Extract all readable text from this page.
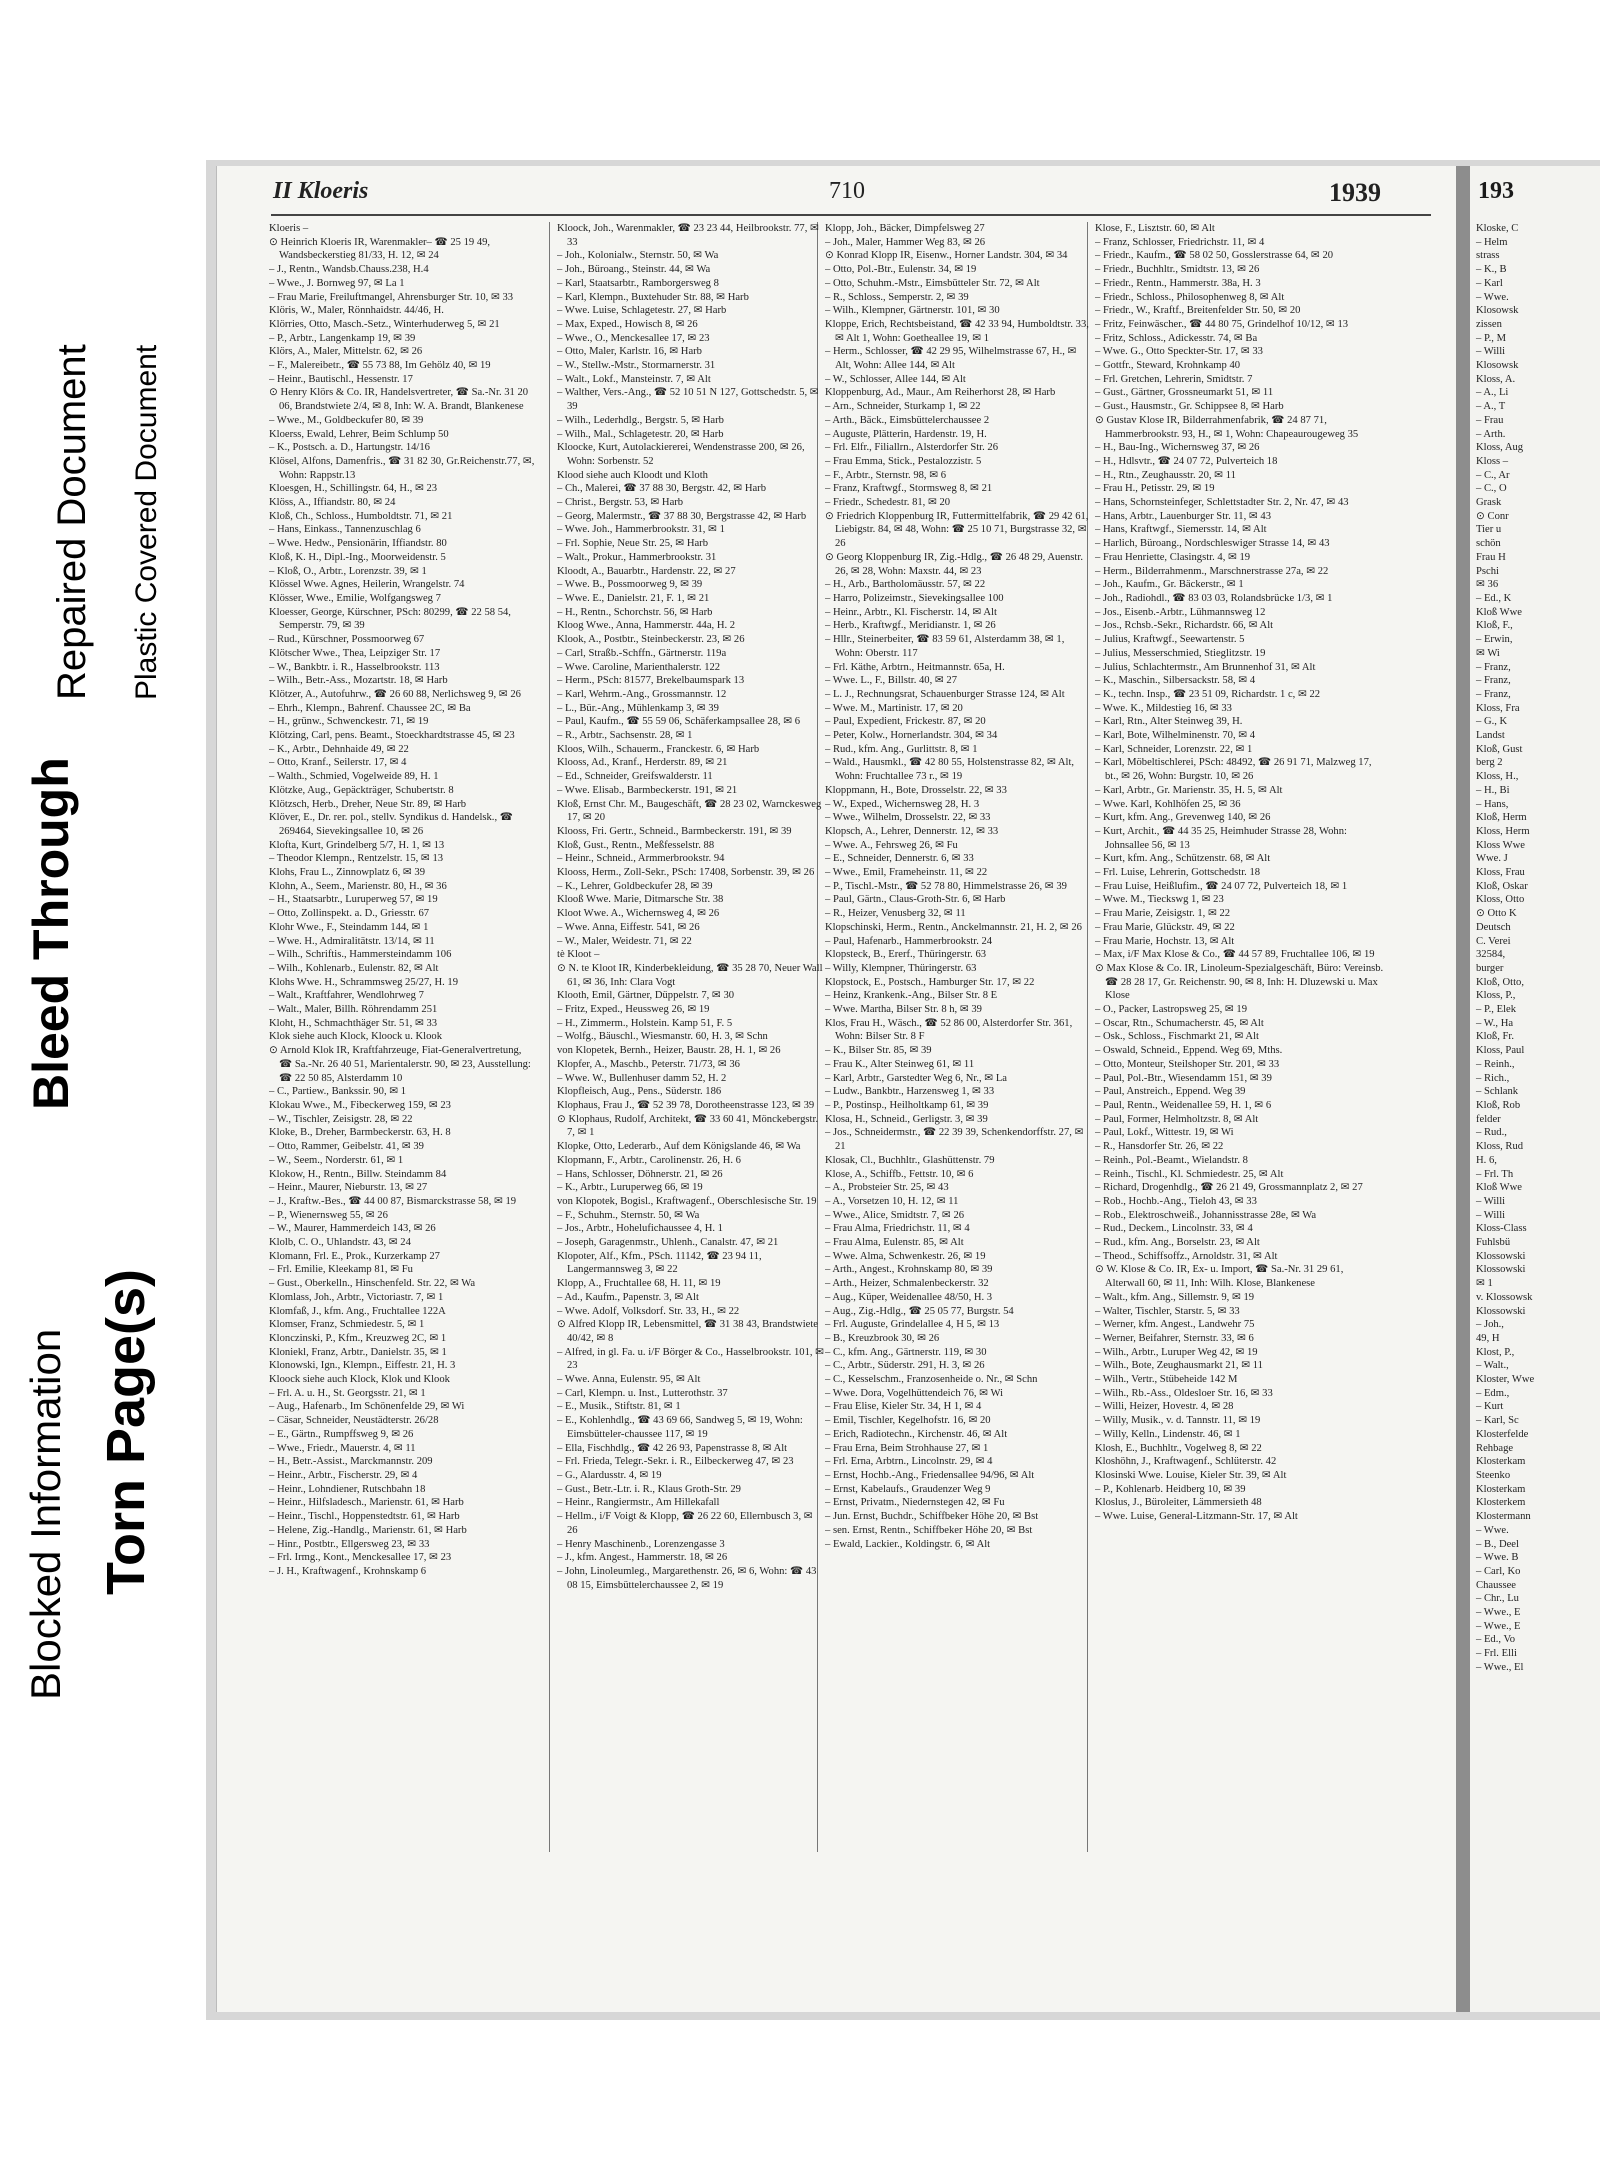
Bleed Through
Blocked Information
Repaired Document
Torn Page(s)
Plastic Covered Document
II Kloeris	710	1939

Kloeris –

⊙ Heinrich Kloeris IR, Warenmakler– ☎ 25 19 49, Wandsbeckerstieg 81/33, H. 12, ✉ 24

– J., Rentn., Wandsb.Chauss.238, H.4

– Wwe., J. Bornweg 97, ✉ La 1

– Frau Marie, Freiluftmangel, Ahrensburger Str. 10, ✉ 33

Klöris, W., Maler, Rönnhaidstr. 44/46, H.

Klörries, Otto, Masch.-Setz., Winterhuderweg 5, ✉ 21

– P., Arbtr., Langenkamp 19, ✉ 39

Klörs, A., Maler, Mittelstr. 62, ✉ 26

– F., Malereibetr., ☎ 55 73 88, Im Gehölz 40, ✉ 19

– Heinr., Bautischl., Hessenstr. 17

⊙ Henry Klörs & Co. IR, Handelsvertreter, ☎ Sa.-Nr. 31 20 06, Brandstwiete 2/4, ✉ 8, Inh: W. A. Brandt, Blankenese

– Wwe., M., Goldbeckufer 80, ✉ 39

Kloerss, Ewald, Lehrer, Beim Schlump 50

– K., Postsch. a. D., Hartungstr. 14/16

Klösel, Alfons, Damenfris., ☎ 31 82 30, Gr.Reichenstr.77, ✉, Wohn: Rappstr.13

Kloesgen, H., Schillingstr. 64, H., ✉ 23

Klöss, A., Iffiandstr. 80, ✉ 24

Kloß, Ch., Schloss., Humboldtstr. 71, ✉ 21

– Hans, Einkass., Tannenzuschlag 6

– Wwe. Hedw., Pensionärin, Iffiandstr. 80

Kloß, K. H., Dipl.-Ing., Moorweidenstr. 5

– Kloß, O., Arbtr., Lorenzstr. 39, ✉ 1

Klössel Wwe. Agnes, Heilerin, Wrangelstr. 74

Klösser, Wwe., Emilie, Wolfgangsweg 7

Kloesser, George, Kürschner, PSch: 80299, ☎ 22 58 54, Semperstr. 79, ✉ 39

– Rud., Kürschner, Possmoorweg 67

Klötscher Wwe., Thea, Leipziger Str. 17

– W., Bankbtr. i. R., Hasselbrookstr. 113

– Wilh., Betr.-Ass., Mozartstr. 18, ✉ Harb

Klötzer, A., Autofuhrw., ☎ 26 60 88, Nerlichsweg 9, ✉ 26

– Ehrh., Klempn., Bahrenf. Chaussee 2C, ✉ Ba

– H., grünw., Schwenckestr. 71, ✉ 19

Klötzing, Carl, pens. Beamt., Stoeckhardtstrasse 45, ✉ 23

– K., Arbtr., Dehnhaide 49, ✉ 22

– Otto, Kranf., Seilerstr. 17, ✉ 4

– Walth., Schmied, Vogelweide 89, H. 1

Klötzke, Aug., Gepäckträger, Schubertstr. 8

Klötzsch, Herb., Dreher, Neue Str. 89, ✉ Harb

Klöver, E., Dr. rer. pol., stellv. Syndikus d. Handelsk., ☎ 269464, Sievekingsallee 10, ✉ 26

Klofta, Kurt, Grindelberg 5/7, H. 1, ✉ 13

– Theodor Klempn., Rentzelstr. 15, ✉ 13

Klohs, Frau L., Zinnowplatz 6, ✉ 39

Klohn, A., Seem., Marienstr. 80, H., ✉ 36

– H., Staatsarbtr., Luruperweg 57, ✉ 19

– Otto, Zollinspekt. a. D., Griesstr. 67

Klohr Wwe., F., Steindamm 144, ✉ 1

– Wwe. H., Admiralitätstr. 13/14, ✉ 11

– Wilh., Schriftis., Hammersteindamm 106

– Wilh., Kohlenarb., Eulenstr. 82, ✉ Alt

Klohs Wwe. H., Schrammsweg 25/27, H. 19

– Walt., Kraftfahrer, Wendlohrweg 7

– Walt., Maler, Billh. Röhrendamm 251

Kloht, H., Schmachthäger Str. 51, ✉ 33

Klok siehe auch Klock, Kloock u. Klook

⊙ Arnold Klok IR, Kraftfahrzeuge, Fiat-Generalvertretung, ☎ Sa.-Nr. 26 40 51, Marientalerstr. 90, ✉ 23, Ausstellung: ☎ 22 50 85, Alsterdamm 10

– C., Partiew., Bankssir. 90, ✉ 1

Klokau Wwe., M., Fibeckerweg 159, ✉ 23

– W., Tischler, Zeisigstr. 28, ✉ 22

Kloke, B., Dreher, Barmbeckerstr. 63, H. 8

– Otto, Rammer, Geibelstr. 41, ✉ 39

– W., Seem., Norderstr. 61, ✉ 1

Klokow, H., Rentn., Billw. Steindamm 84

– Heinr., Maurer, Nieburstr. 13, ✉ 27

– J., Kraftw.-Bes., ☎ 44 00 87, Bismarckstrasse 58, ✉ 19

– P., Wienernsweg 55, ✉ 26

– W., Maurer, Hammerdeich 143, ✉ 26

Klolb, C. O., Uhlandstr. 43, ✉ 24

Klomann, Frl. E., Prok., Kurzerkamp 27

– Frl. Emilie, Kleekamp 81, ✉ Fu

– Gust., Oberkelln., Hinschenfeld. Str. 22, ✉ Wa

Klomlass, Joh., Arbtr., Victoriastr. 7, ✉ 1

Klomfaß, J., kfm. Ang., Fruchtallee 122A

Klomser, Franz, Schmiedestr. 5, ✉ 1

Klonczinski, P., Kfm., Kreuzweg 2C, ✉ 1

Kloniekl, Franz, Arbtr., Danielstr. 35, ✉ 1

Klonowski, Ign., Klempn., Eiffestr. 21, H. 3

Kloock siehe auch Klock, Klok und Klook

– Frl. A. u. H., St. Georgsstr. 21, ✉ 1

– Aug., Hafenarb., Im Schönenfelde 29, ✉ Wi

– Cäsar, Schneider, Neustädterstr. 26/28

– E., Gärtn., Rumpffsweg 9, ✉ 26

– Wwe., Friedr., Mauerstr. 4, ✉ 11

– H., Betr.-Assist., Marckmannstr. 209

– Heinr., Arbtr., Fischerstr. 29, ✉ 4

– Heinr., Lohndiener, Rutschbahn 18

– Heinr., Hilfsladesch., Marienstr. 61, ✉ Harb

– Heinr., Tischl., Hoppenstedtstr. 61, ✉ Harb

– Helene, Zig.-Handlg., Marienstr. 61, ✉ Harb

– Hinr., Postbtr., Ellgersweg 23, ✉ 33

– Frl. Irmg., Kont., Menckesallee 17, ✉ 23

– J. H., Kraftwagenf., Krohnskamp 6

Kloock, Joh., Warenmakler, ☎ 23 23 44, Heilbrookstr. 77, ✉ 33

– Joh., Kolonialw., Sternstr. 50, ✉ Wa

– Joh., Büroang., Steinstr. 44, ✉ Wa

– Karl, Staatsarbtr., Ramborgersweg 8

– Karl, Klempn., Buxtehuder Str. 88, ✉ Harb

– Wwe. Luise, Schlagetestr. 27, ✉ Harb

– Max, Exped., Howisch 8, ✉ 26

– Wwe., O., Menckesallee 17, ✉ 23

– Otto, Maler, Karlstr. 16, ✉ Harb

– W., Stellw.-Mstr., Stormarnerstr. 31

– Walt., Lokf., Mansteinstr. 7, ✉ Alt

– Walther, Vers.-Ang., ☎ 52 10 51 N 127, Gottschedstr. 5, ✉ 39

– Wilh., Lederhdlg., Bergstr. 5, ✉ Harb

– Wilh., Mal., Schlagetestr. 20, ✉ Harb

Kloocke, Kurt, Autolackiererei, Wendenstrasse 200, ✉ 26, Wohn: Sorbenstr. 52

Klood siehe auch Kloodt und Kloth

– Ch., Malerei, ☎ 37 88 30, Bergstr. 42, ✉ Harb

– Christ., Bergstr. 53, ✉ Harb

– Georg, Malermstr., ☎ 37 88 30, Bergstrasse 42, ✉ Harb

– Wwe. Joh., Hammerbrookstr. 31, ✉ 1

– Frl. Sophie, Neue Str. 25, ✉ Harb

– Walt., Prokur., Hammerbrookstr. 31

Kloodt, A., Bauarbtr., Hardenstr. 22, ✉ 27

– Wwe. B., Possmoorweg 9, ✉ 39

– Wwe. E., Danielstr. 21, F. 1, ✉ 21

– H., Rentn., Schorchstr. 56, ✉ Harb

Kloog Wwe., Anna, Hammerstr. 44a, H. 2

Klook, A., Postbtr., Steinbeckerstr. 23, ✉ 26

– Carl, Straßb.-Schffn., Gärtnerstr. 119a

– Wwe. Caroline, Marienthalerstr. 122

– Herm., PSch: 81577, Brekelbaumspark 13

– Karl, Wehrm.-Ang., Grossmannstr. 12

– L., Bür.-Ang., Mühlenkamp 3, ✉ 39

– Paul, Kaufm., ☎ 55 59 06, Schäferkampsallee 28, ✉ 6

– R., Arbtr., Sachsenstr. 28, ✉ 1

Kloos, Wilh., Schauerm., Franckestr. 6, ✉ Harb

Klooss, Ad., Kranf., Herderstr. 89, ✉ 21

– Ed., Schneider, Greifswalderstr. 11

– Wwe. Elisab., Barmbeckerstr. 191, ✉ 21

Kloß, Ernst Chr. M., Baugeschäft, ☎ 28 23 02, Warnckesweg 17, ✉ 20

Klooss, Fri. Gertr., Schneid., Barmbeckerstr. 191, ✉ 39

Kloß, Gust., Rentn., Meßfesselstr. 88

– Heinr., Schneid., Armmerbrookstr. 94

Klooss, Herm., Zoll-Sekr., PSch: 17408, Sorbenstr. 39, ✉ 26

– K., Lehrer, Goldbeckufer 28, ✉ 39

Klooß Wwe. Marie, Ditmarsche Str. 38

Kloot Wwe. A., Wichernsweg 4, ✉ 26

– Wwe. Anna, Eiffestr. 541, ✉ 26

– W., Maler, Weidestr. 71, ✉ 22

tè Kloot –

⊙ N. te Kloot IR, Kinderbekleidung, ☎ 35 28 70, Neuer Wall 61, ✉ 36, Inh: Clara Vogt

Klooth, Emil, Gärtner, Düppelstr. 7, ✉ 30

– Fritz, Exped., Heussweg 26, ✉ 19

– H., Zimmerm., Holstein. Kamp 51, F. 5

– Wolfg., Bäuschl., Wiesmanstr. 60, H. 3, ✉ Schn

von Klopetek, Bernh., Heizer, Baustr. 28, H. 1, ✉ 26

Klopfer, A., Maschb., Peterstr. 71/73, ✉ 36

– Wwe. W., Bullenhuser damm 52, H. 2

Klopfleisch, Aug., Pens., Süderstr. 186

Klophaus, Frau J., ☎ 52 39 78, Dorotheenstrasse 123, ✉ 39

⊙ Klophaus, Rudolf, Architekt, ☎ 33 60 41, Mönckebergstr. 7, ✉ 1

Klopke, Otto, Lederarb., Auf dem Königslande 46, ✉ Wa

Klopmann, F., Arbtr., Carolinenstr. 26, H. 6

– Hans, Schlosser, Döhnerstr. 21, ✉ 26

– K., Arbtr., Luruperweg 66, ✉ 19

von Klopotek, Bogisl., Kraftwagenf., Oberschlesische Str. 19

– F., Schuhm., Sternstr. 50, ✉ Wa

– Jos., Arbtr., Hohelufichaussee 4, H. 1

– Joseph, Garagenmstr., Uhlenh., Canalstr. 47, ✉ 21

Klopoter, Alf., Kfm., PSch. 11142, ☎ 23 94 11, Langermannsweg 3, ✉ 22

Klopp, A., Fruchtallee 68, H. 11, ✉ 19

– Ad., Kaufm., Papenstr. 3, ✉ Alt

– Wwe. Adolf, Volksdorf. Str. 33, H., ✉ 22

⊙ Alfred Klopp IR, Lebensmittel, ☎ 31 38 43, Brandstwiete 40/42, ✉ 8

– Alfred, in gl. Fa. u. i/F Börger & Co., Hasselbrookstr. 101, ✉ 23

– Wwe. Anna, Eulenstr. 95, ✉ Alt

– Carl, Klempn. u. Inst., Lutterothstr. 37

– E., Musik., Stiftstr. 81, ✉ 1

– E., Kohlenhdlg., ☎ 43 69 66, Sandweg 5, ✉ 19, Wohn: Eimsbütteler-chaussee 117, ✉ 19

– Ella, Fischhdlg., ☎ 42 26 93, Papenstrasse 8, ✉ Alt

– Frl. Frieda, Telegr.-Sekr. i. R., Eilbeckerweg 47, ✉ 23

– G., Alardusstr. 4, ✉ 19

– Gust., Betr.-Ltr. i. R., Klaus Groth-Str. 29

– Heinr., Rangiermstr., Am Hillekafall

– Hellm., i/F Voigt & Klopp, ☎ 26 22 60, Ellernbusch 3, ✉ 26

– Henry Maschinenb., Lorenzengasse 3

– J., kfm. Angest., Hammerstr. 18, ✉ 26

– John, Linoleumleg., Margarethenstr. 26, ✉ 6, Wohn: ☎ 43 08 15, Eimsbüttelerchaussee 2, ✉ 19

Klopp, Joh., Bäcker, Dimpfelsweg 27

– Joh., Maler, Hammer Weg 83, ✉ 26

⊙ Konrad Klopp IR, Eisenw., Horner Landstr. 304, ✉ 34

– Otto, Pol.-Btr., Eulenstr. 34, ✉ 19

– Otto, Schuhm.-Mstr., Eimsbütteler Str. 72, ✉ Alt

– R., Schloss., Semperstr. 2, ✉ 39

– Wilh., Klempner, Gärtnerstr. 101, ✉ 30

Kloppe, Erich, Rechtsbeistand, ☎ 42 33 94, Humboldtstr. 33, ✉ Alt 1, Wohn: Goetheallee 19, ✉ 1

– Herm., Schlosser, ☎ 42 29 95, Wilhelmstrasse 67, H., ✉ Alt, Wohn: Allee 144, ✉ Alt

– W., Schlosser, Allee 144, ✉ Alt

Kloppenburg, Ad., Maur., Am Reiherhorst 28, ✉ Harb

– Arn., Schneider, Sturkamp 1, ✉ 22

– Arth., Bäck., Eimsbüttelerchaussee 2

– Auguste, Plätterin, Hardenstr. 19, H.

– Frl. Elfr., Filiallrn., Alsterdorfer Str. 26

– Frau Emma, Stick., Pestalozzistr. 5

– F., Arbtr., Sternstr. 98, ✉ 6

– Franz, Kraftwgf., Stormsweg 8, ✉ 21

– Friedr., Schedestr. 81, ✉ 20

⊙ Friedrich Kloppenburg IR, Futtermittelfabrik, ☎ 29 42 61, Liebigstr. 84, ✉ 48, Wohn: ☎ 25 10 71, Burgstrasse 32, ✉ 26

⊙ Georg Kloppenburg IR, Zig.-Hdlg., ☎ 26 48 29, Auenstr. 26, ✉ 28, Wohn: Maxstr. 44, ✉ 23

– H., Arb., Bartholomäusstr. 57, ✉ 22

– Harro, Polizeimstr., Sievekingsallee 100

– Heinr., Arbtr., Kl. Fischerstr. 14, ✉ Alt

– Herb., Kraftwgf., Meridianstr. 1, ✉ 26

– Hllr., Steinerbeiter, ☎ 83 59 61, Alsterdamm 38, ✉ 1, Wohn: Oberstr. 117

– Frl. Käthe, Arbtrn., Heitmannstr. 65a, H.

– Wwe. L., F., Billstr. 40, ✉ 27

– L. J., Rechnungsrat, Schauenburger Strasse 124, ✉ Alt

– Wwe. M., Martinistr. 17, ✉ 20

– Paul, Expedient, Frickestr. 87, ✉ 20

– Peter, Kolw., Hornerlandstr. 304, ✉ 34

– Rud., kfm. Ang., Gurlittstr. 8, ✉ 1

– Wald., Hausmkl., ☎ 42 80 55, Holstenstrasse 82, ✉ Alt, Wohn: Fruchtallee 73 r., ✉ 19

Kloppmann, H., Bote, Drosselstr. 22, ✉ 33

– W., Exped., Wichernsweg 28, H. 3

– Wwe., Wilhelm, Drosselstr. 22, ✉ 33

Klopsch, A., Lehrer, Dennerstr. 12, ✉ 33

– Wwe. A., Fehrsweg 26, ✉ Fu

– E., Schneider, Dennerstr. 6, ✉ 33

– Wwe., Emil, Frameheinstr. 11, ✉ 22

– P., Tischl.-Mstr., ☎ 52 78 80, Himmelstrasse 26, ✉ 39

– Paul, Gärtn., Claus-Groth-Str. 6, ✉ Harb

– R., Heizer, Venusberg 32, ✉ 11

Klopschinski, Herm., Rentn., Anckelmannstr. 21, H. 2, ✉ 26

– Paul, Hafenarb., Hammerbrookstr. 24

Klopsteck, B., Ererf., Thüringerstr. 63

– Willy, Klempner, Thüringerstr. 63

Klopstock, E., Postsch., Hamburger Str. 17, ✉ 22

– Heinz, Krankenk.-Ang., Bilser Str. 8 E

– Wwe. Martha, Bilser Str. 8 h, ✉ 39

Klos, Frau H., Wäsch., ☎ 52 86 00, Alsterdorfer Str. 361, Wohn: Bilser Str. 8 F

– K., Bilser Str. 85, ✉ 39

– Frau K., Alter Steinweg 61, ✉ 11

– Karl, Arbtr., Garstedter Weg 6, Nr., ✉ La

– Ludw., Bankbtr., Harzensweg 1, ✉ 33

– P., Postinsp., Heilholtkamp 61, ✉ 39

Klosa, H., Schneid., Gerligstr. 3, ✉ 39

– Jos., Schneidermstr., ☎ 22 39 39, Schenkendorffstr. 27, ✉ 21

Klosak, Cl., Buchhltr., Glashüttenstr. 79

Klose, A., Schiffb., Fettstr. 10, ✉ 6

– A., Probsteier Str. 25, ✉ 43

– A., Vorsetzen 10, H. 12, ✉ 11

– Wwe., Alice, Smidtstr. 7, ✉ 26

– Frau Alma, Friedrichstr. 11, ✉ 4

– Frau Alma, Eulenstr. 85, ✉ Alt

– Wwe. Alma, Schwenkestr. 26, ✉ 19

– Arth., Angest., Krohnskamp 80, ✉ 39

– Arth., Heizer, Schmalenbeckerstr. 32

– Aug., Küper, Weidenallee 48/50, H. 3

– Aug., Zig.-Hdlg., ☎ 25 05 77, Burgstr. 54

– Frl. Auguste, Grindelallee 4, H 5, ✉ 13

– B., Kreuzbrook 30, ✉ 26

– C., kfm. Ang., Gärtnerstr. 119, ✉ 30

– C., Arbtr., Süderstr. 291, H. 3, ✉ 26

– C., Kesselschm., Franzosenheide o. Nr., ✉ Schn

– Wwe. Dora, Vogelhüttendeich 76, ✉ Wi

– Frau Elise, Kieler Str. 34, H 1, ✉ 4

– Emil, Tischler, Kegelhofstr. 16, ✉ 20

– Erich, Radiotechn., Kirchenstr. 46, ✉ Alt

– Frau Erna, Beim Strohhause 27, ✉ 1

– Frl. Erna, Arbtrn., Lincolnstr. 29, ✉ 4

– Ernst, Hochb.-Ang., Friedensallee 94/96, ✉ Alt

– Ernst, Kabelaufs., Graudenzer Weg 9

– Ernst, Privatm., Niedernstegen 42, ✉ Fu

– Jun. Ernst, Buchdr., Schiffbeker Höhe 20, ✉ Bst

– sen. Ernst, Rentn., Schiffbeker Höhe 20, ✉ Bst

– Ewald, Lackier., Koldingstr. 6, ✉ Alt

Klose, F., Lisztstr. 60, ✉ Alt

– Franz, Schlosser, Friedrichstr. 11, ✉ 4

– Friedr., Kaufm., ☎ 58 02 50, Gosslerstrasse 64, ✉ 20

– Friedr., Buchhltr., Smidtstr. 13, ✉ 26

– Friedr., Rentn., Hammerstr. 38a, H. 3

– Friedr., Schloss., Philosophenweg 8, ✉ Alt

– Friedr., W., Kraftf., Breitenfelder Str. 50, ✉ 20

– Fritz, Feinwäscher., ☎ 44 80 75, Grindelhof 10/12, ✉ 13

– Fritz, Schloss., Adickesstr. 74, ✉ Ba

– Wwe. G., Otto Speckter-Str. 17, ✉ 33

– Gottfr., Steward, Krohnkamp 40

– Frl. Gretchen, Lehrerin, Smidtstr. 7

– Gust., Gärtner, Grossneumarkt 51, ✉ 11

– Gust., Hausmstr., Gr. Schippsee 8, ✉ Harb

⊙ Gustav Klose IR, Bilderrahmenfabrik, ☎ 24 87 71, Hammerbrookstr. 93, H., ✉ 1, Wohn: Chapeaurougeweg 35

– H., Bau-Ing., Wichernsweg 37, ✉ 26

– H., Hdlsvtr., ☎ 24 07 72, Pulverteich 18

– H., Rtn., Zeughausstr. 20, ✉ 11

– Frau H., Petisstr. 29, ✉ 19

– Hans, Schornsteinfeger, Schlettstadter Str. 2, Nr. 47, ✉ 43

– Hans, Arbtr., Lauenburger Str. 11, ✉ 43

– Hans, Kraftwgf., Siemersstr. 14, ✉ Alt

– Harlich, Büroang., Nordschleswiger Strasse 14, ✉ 43

– Frau Henriette, Clasingstr. 4, ✉ 19

– Herm., Bilderrahmenm., Marschnerstrasse 27a, ✉ 22

– Joh., Kaufm., Gr. Bäckerstr., ✉ 1

– Joh., Radiohdl., ☎ 83 03 03, Rolandsbrücke 1/3, ✉ 1

– Jos., Eisenb.-Arbtr., Lühmannsweg 12

– Jos., Rchsb.-Sekr., Richardstr. 66, ✉ Alt

– Julius, Kraftwgf., Seewartenstr. 5

– Julius, Messerschmied, Stieglitzstr. 19

– Julius, Schlachtermstr., Am Brunnenhof 31, ✉ Alt

– K., Maschin., Silbersackstr. 58, ✉ 4

– K., techn. Insp., ☎ 23 51 09, Richardstr. 1 c, ✉ 22

– Wwe. K., Mildestieg 16, ✉ 33

– Karl, Rtn., Alter Steinweg 39, H.

– Karl, Bote, Wilhelminenstr. 70, ✉ 4

– Karl, Schneider, Lorenzstr. 22, ✉ 1

– Karl, Möbeltischlerei, PSch: 48492, ☎ 26 91 71, Malzweg 17, bt., ✉ 26, Wohn: Burgstr. 10, ✉ 26

– Karl, Arbtr., Gr. Marienstr. 35, H. 5, ✉ Alt

– Wwe. Karl, Kohlhöfen 25, ✉ 36

– Kurt, kfm. Ang., Grevenweg 140, ✉ 26

– Kurt, Archit., ☎ 44 35 25, Heimhuder Strasse 28, Wohn: Johnsallee 56, ✉ 13

– Kurt, kfm. Ang., Schützenstr. 68, ✉ Alt

– Frl. Luise, Lehrerin, Gottschedstr. 18

– Frau Luise, Heißlufim., ☎ 24 07 72, Pulverteich 18, ✉ 1

– Wwe. M., Tieckswg 1, ✉ 23

– Frau Marie, Zeisigstr. 1, ✉ 22

– Frau Marie, Glückstr. 49, ✉ 22

– Frau Marie, Hochstr. 13, ✉ Alt

– Max, i/F Max Klose & Co., ☎ 44 57 89, Fruchtallee 106, ✉ 19

⊙ Max Klose & Co. IR, Linoleum-Spezialgeschäft, Büro: Vereinsb. ☎ 28 28 17, Gr. Reichenstr. 90, ✉ 8, Inh: H. Dluzewski u. Max Klose

– O., Packer, Lastropsweg 25, ✉ 19

– Oscar, Rtn., Schumacherstr. 45, ✉ Alt

– Osk., Schloss., Fischmarkt 21, ✉ Alt

– Oswald, Schneid., Eppend. Weg 69, Mths.

– Otto, Monteur, Steilshoper Str. 201, ✉ 33

– Paul, Pol.-Btr., Wiesendamm 151, ✉ 39

– Paul, Anstreich., Eppend. Weg 39

– Paul, Rentn., Weidenallee 59, H. 1, ✉ 6

– Paul, Former, Helmholtzstr. 8, ✉ Alt

– Paul, Lokf., Wittestr. 19, ✉ Wi

– R., Hansdorfer Str. 26, ✉ 22

– Reinh., Pol.-Beamt., Wielandstr. 8

– Reinh., Tischl., Kl. Schmiedestr. 25, ✉ Alt

– Richard, Drogenhdlg., ☎ 26 21 49, Grossmannplatz 2, ✉ 27

– Rob., Hochb.-Ang., Tieloh 43, ✉ 33

– Rob., Elektroschweiß., Johannisstrasse 28e, ✉ Wa

– Rud., Deckem., Lincolnstr. 33, ✉ 4

– Rud., kfm. Ang., Borselstr. 23, ✉ Alt

– Theod., Schiffsoffz., Arnoldstr. 31, ✉ Alt

⊙ W. Klose & Co. IR, Ex- u. Import, ☎ Sa.-Nr. 31 29 61, Alterwall 60, ✉ 11, Inh: Wilh. Klose, Blankenese

– Walt., kfm. Ang., Sillemstr. 9, ✉ 19

– Walter, Tischler, Starstr. 5, ✉ 33

– Werner, kfm. Angest., Landwehr 75

– Werner, Beifahrer, Sternstr. 33, ✉ 6

– Wilh., Arbtr., Luruper Weg 42, ✉ 19

– Wilh., Bote, Zeughausmarkt 21, ✉ 11

– Wilh., Vertr., Stübeheide 142 M

– Wilh., Rb.-Ass., Oldesloer Str. 16, ✉ 33

– Willi, Heizer, Hovestr. 4, ✉ 28

– Willy, Musik., v. d. Tannstr. 11, ✉ 19

– Willy, Kelln., Lindenstr. 46, ✉ 1

Klosh, E., Buchhltr., Vogelweg 8, ✉ 22

Kloshöhn, J., Kraftwagenf., Schlüterstr. 42

Klosinski Wwe. Louise, Kieler Str. 39, ✉ Alt

– P., Kohlenarb. Heidberg 10, ✉ 39

Kloslus, J., Büroleiter, Lämmersieth 48

– Wwe. Luise, General-Litzmann-Str. 17, ✉ Alt

193
Kloske, C
– Helm
strass
– K., B
– Karl
– Wwe.
Klosowsk
zissen
– P., M
– Willi
Klosowsk
Kloss, A.
– A., Li
– A., T
– Frau
– Arth.
Kloss, Aug
Kloss –
– C., Ar
– C., O
Grask
⊙ Conr
Tier u
schön
Frau H
Pschi
✉ 36
– Ed., K
Kloß Wwe
Kloß, F.,
– Erwin,
✉ Wi
– Franz,
– Franz,
– Franz,
Kloss, Fra
– G., K
Landst
Kloß, Gust
berg 2
Kloss, H.,
– H., Bi
– Hans,
Kloß, Herm
Kloss, Herm
Kloss Wwe
Wwe. J
Kloss, Frau
Kloß, Oskar
Kloss, Otto
⊙ Otto K
Deutsch
C. Verei
32584,
burger
Kloß, Otto,
Kloss, P.,
– P., Elek
– W., Ha
Kloß, Fr.
Kloss, Paul
– Reinh.,
– Rich.,
– Schlank
Kloß, Rob
felder
– Rud.,
Kloss, Rud
H. 6,
– Frl. Th
Kloß Wwe
– Willi
– Willi
Kloss-Class
Fuhlsbü
Klossowski
Klossowski
✉ 1
v. Klossowsk
Klossowski
– Joh.,
49, H
Klost, P.,
– Walt.,
Kloster, Wwe
– Edm.,
– Kurt
– Karl, Sc
Klosterfelde
Rehbage
Klosterkam
Steenko
Klosterkam
Klosterkem
Klostermann
– Wwe.
– B., Deel
– Wwe. B
– Carl, Ko
Chaussee
– Chr., Lu
– Wwe., E
– Wwe., E
– Ed., Vo
– Frl. Elli
– Wwe., El
